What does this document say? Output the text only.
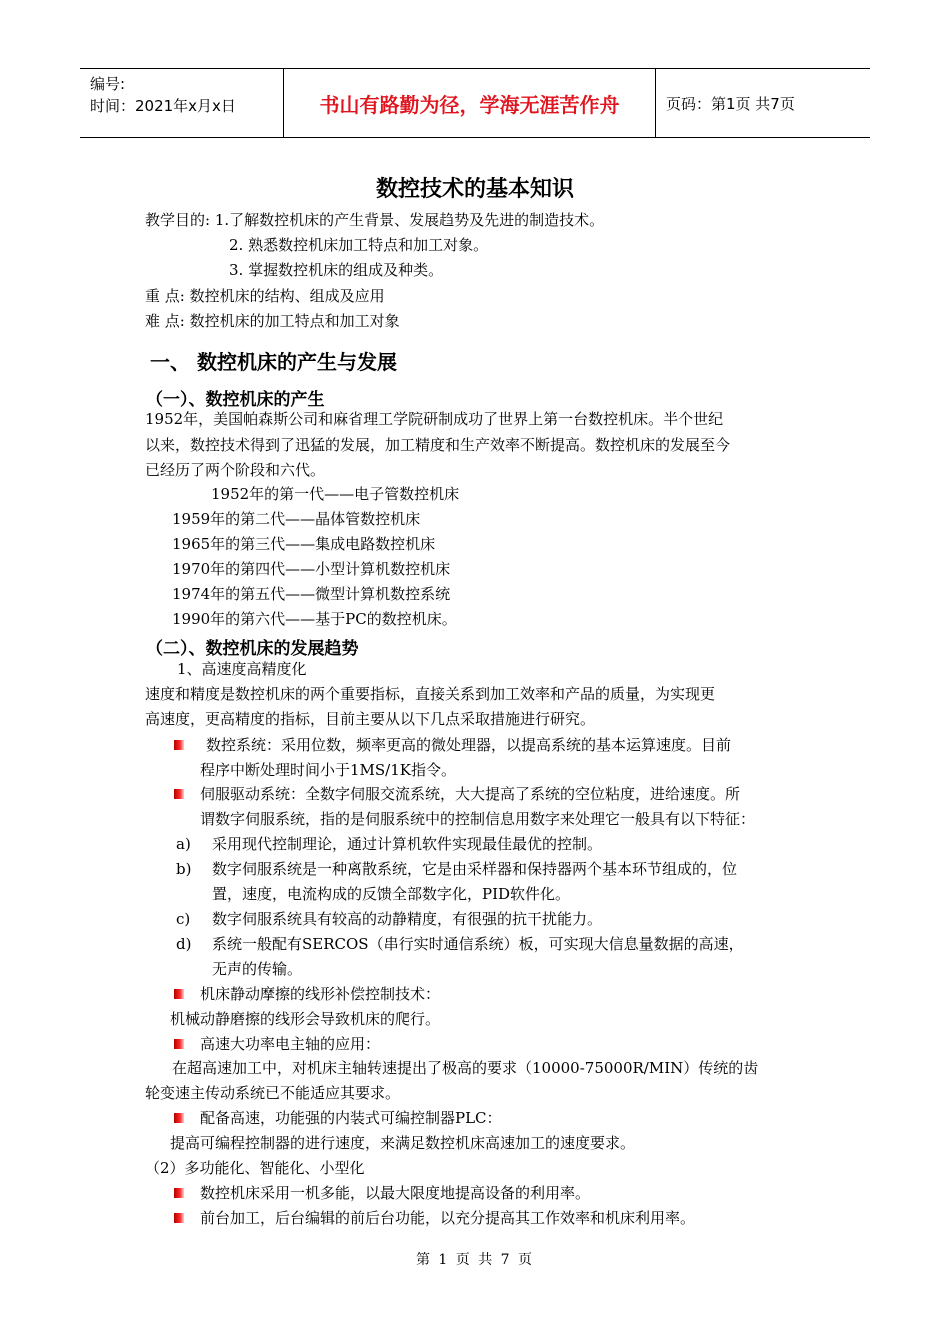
编号:
时间：2021年x月x日	书山有路勤为径，学海无涯苦作舟	页码：第1页 共7页
数控技术的基本知识
教学目的: 1.了解数控机床的产生背景、发展趋势及先进的制造技术。
2. 熟悉数控机床加工特点和加工对象。
3. 掌握数控机床的组成及种类。
重 点: 数控机床的结构、组成及应用
难 点: 数控机床的加工特点和加工对象
一、 数控机床的产生与发展
（一）、数控机床的产生
1952年，美国帕森斯公司和麻省理工学院研制成功了世界上第一台数控机床。半个世纪
以来，数控技术得到了迅猛的发展，加工精度和生产效率不断提高。数控机床的发展至今
已经历了两个阶段和六代。
1952年的第一代——电子管数控机床
1959年的第二代——晶体管数控机床
1965年的第三代——集成电路数控机床
1970年的第四代——小型计算机数控机床
1974年的第五代——微型计算机数控系统
1990年的第六代——基于PC的数控机床。
（二）、数控机床的发展趋势
1、高速度高精度化
速度和精度是数控机床的两个重要指标，直接关系到加工效率和产品的质量，为实现更
高速度，更高精度的指标，目前主要从以下几点采取措施进行研究。
数控系统：采用位数，频率更高的微处理器，以提高系统的基本运算速度。目前
程序中断处理时间小于1MS/1K指令。
伺服驱动系统：全数字伺服交流系统，大大提高了系统的空位粘度，进给速度。所
谓数字伺服系统，指的是伺服系统中的控制信息用数字来处理它一般具有以下特征：
a) 采用现代控制理论，通过计算机软件实现最佳最优的控制。
b) 数字伺服系统是一种离散系统，它是由采样器和保持器两个基本环节组成的，位
置，速度，电流构成的反馈全部数字化，PID软件化。
c) 数字伺服系统具有较高的动静精度，有很强的抗干扰能力。
d) 系统一般配有SERCOS（串行实时通信系统）板，可实现大信息量数据的高速，
无声的传输。
机床静动摩擦的线形补偿控制技术：
机械动静磨擦的线形会导致机床的爬行。
高速大功率电主轴的应用：
在超高速加工中，对机床主轴转速提出了极高的要求（10000-75000R/MIN）传统的齿
轮变速主传动系统已不能适应其要求。
配备高速，功能强的内装式可编控制器PLC：
提高可编程控制器的进行速度，来满足数控机床高速加工的速度要求。
（2）多功能化、智能化、小型化
数控机床采用一机多能，以最大限度地提高设备的利用率。
前台加工，后台编辑的前后台功能，以充分提高其工作效率和机床利用率。
第 1 页 共 7 页
